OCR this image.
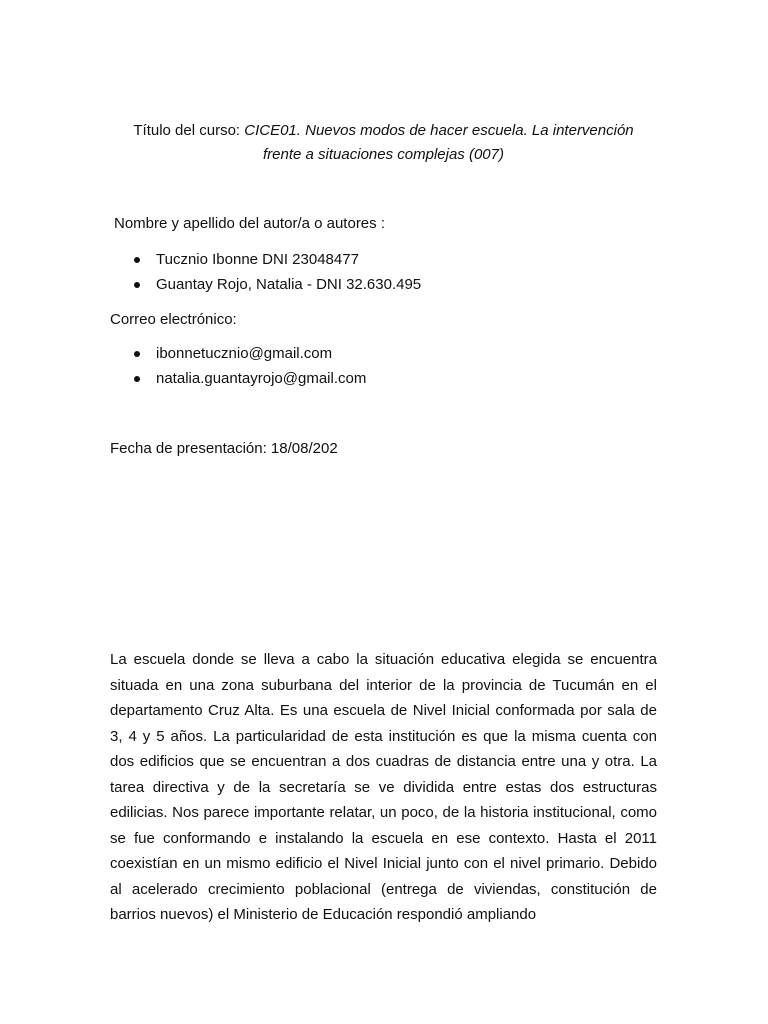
Título del curso: CICE01. Nuevos modos de hacer escuela. La intervención
frente a situaciones complejas (007)
Nombre y apellido del autor/a o autores :
Tucznio Ibonne DNI 23048477
Guantay Rojo, Natalia - DNI 32.630.495
Correo electrónico:
ibonnetucznio@gmail.com
natalia.guantayrojo@gmail.com
Fecha de presentación: 18/08/202

La escuela donde se lleva a cabo la situación educativa elegida se encuentra situada en una zona suburbana del interior de la provincia de Tucumán en el departamento Cruz Alta. Es una escuela de Nivel Inicial conformada por sala de 3, 4 y 5 años. La particularidad de esta institución es que la misma cuenta con dos edificios que se encuentran a dos cuadras de distancia entre una y otra. La tarea directiva y de la secretaría se ve dividida entre estas dos estructuras edilicias. Nos parece importante relatar, un poco, de la historia institucional, como se fue conformando e instalando la escuela en ese contexto. Hasta el 2011 coexistían en un mismo edificio el Nivel Inicial junto con el nivel primario. Debido al acelerado crecimiento poblacional (entrega de viviendas, constitución de barrios nuevos) el Ministerio de Educación respondió ampliando
